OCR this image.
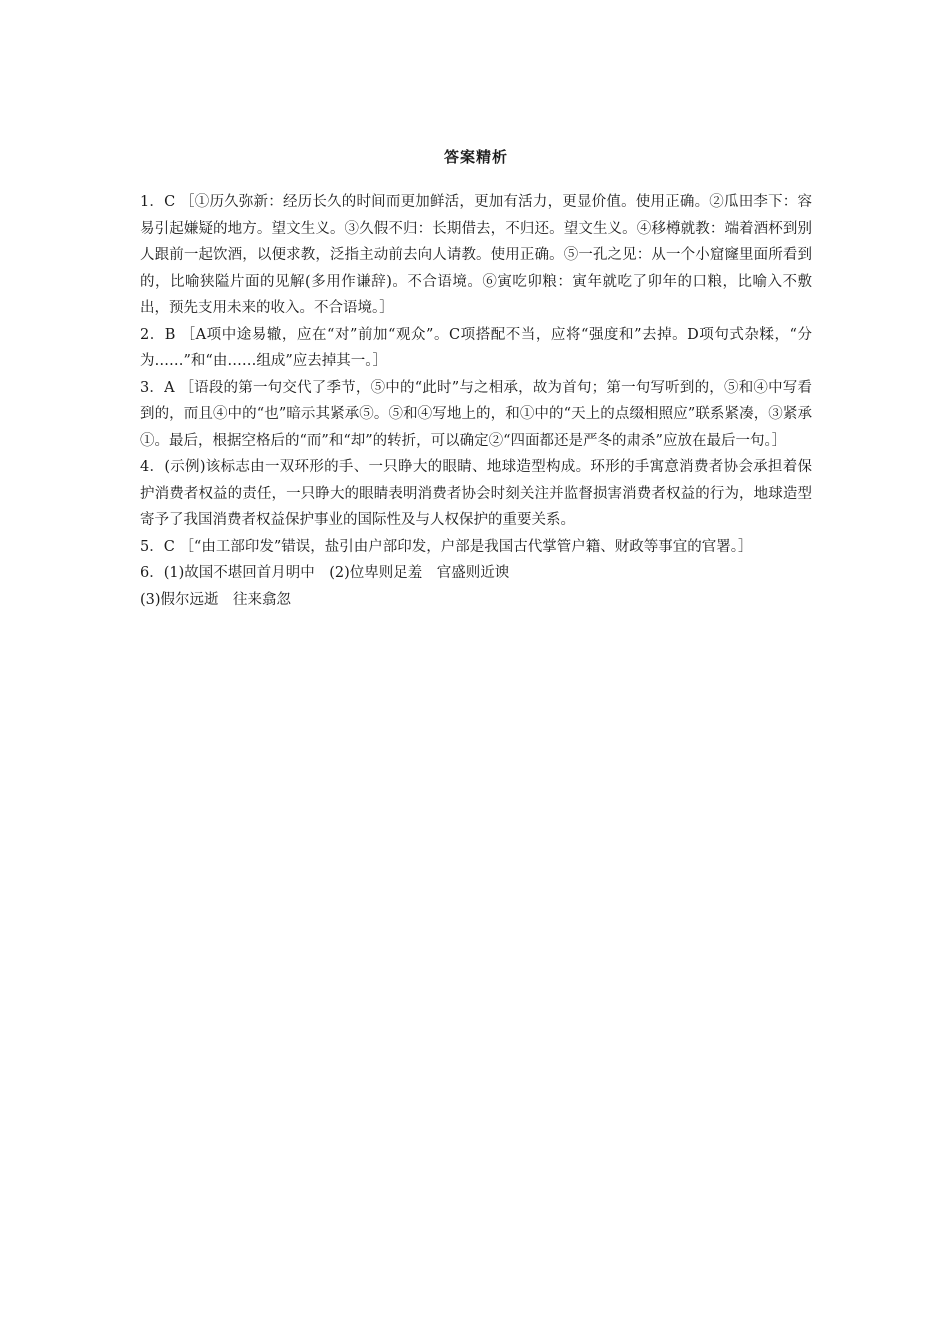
答案精析

1．C ［①历久弥新：经历长久的时间而更加鲜活，更加有活力，更显价值。使用正确。②瓜田李下：容易引起嫌疑的地方。望文生义。③久假不归：长期借去，不归还。望文生义。④移樽就教：端着酒杯到别人跟前一起饮酒，以便求教，泛指主动前去向人请教。使用正确。⑤一孔之见：从一个小窟窿里面所看到的，比喻狭隘片面的见解(多用作谦辞)。不合语境。⑥寅吃卯粮：寅年就吃了卯年的口粮，比喻入不敷出，预先支用未来的收入。不合语境。］

2．B ［A项中途易辙，应在“对”前加“观众”。C项搭配不当，应将“强度和”去掉。D项句式杂糅，“分为……”和“由……组成”应去掉其一。］

3．A ［语段的第一句交代了季节，⑤中的“此时”与之相承，故为首句；第一句写听到的，⑤和④中写看到的，而且④中的“也”暗示其紧承⑤。⑤和④写地上的，和①中的“天上的点缀相照应”联系紧凑，③紧承①。最后，根据空格后的“而”和“却”的转折，可以确定②“四面都还是严冬的肃杀”应放在最后一句。］

4．(示例)该标志由一双环形的手、一只睁大的眼睛、地球造型构成。环形的手寓意消费者协会承担着保护消费者权益的责任，一只睁大的眼睛表明消费者协会时刻关注并监督损害消费者权益的行为，地球造型寄予了我国消费者权益保护事业的国际性及与人权保护的重要关系。

5．C ［“由工部印发”错误，盐引由户部印发，户部是我国古代掌管户籍、财政等事宜的官署。］

6．(1)故国不堪回首月明中　(2)位卑则足羞　官盛则近谀

(3)假尔远逝　往来翕忽
